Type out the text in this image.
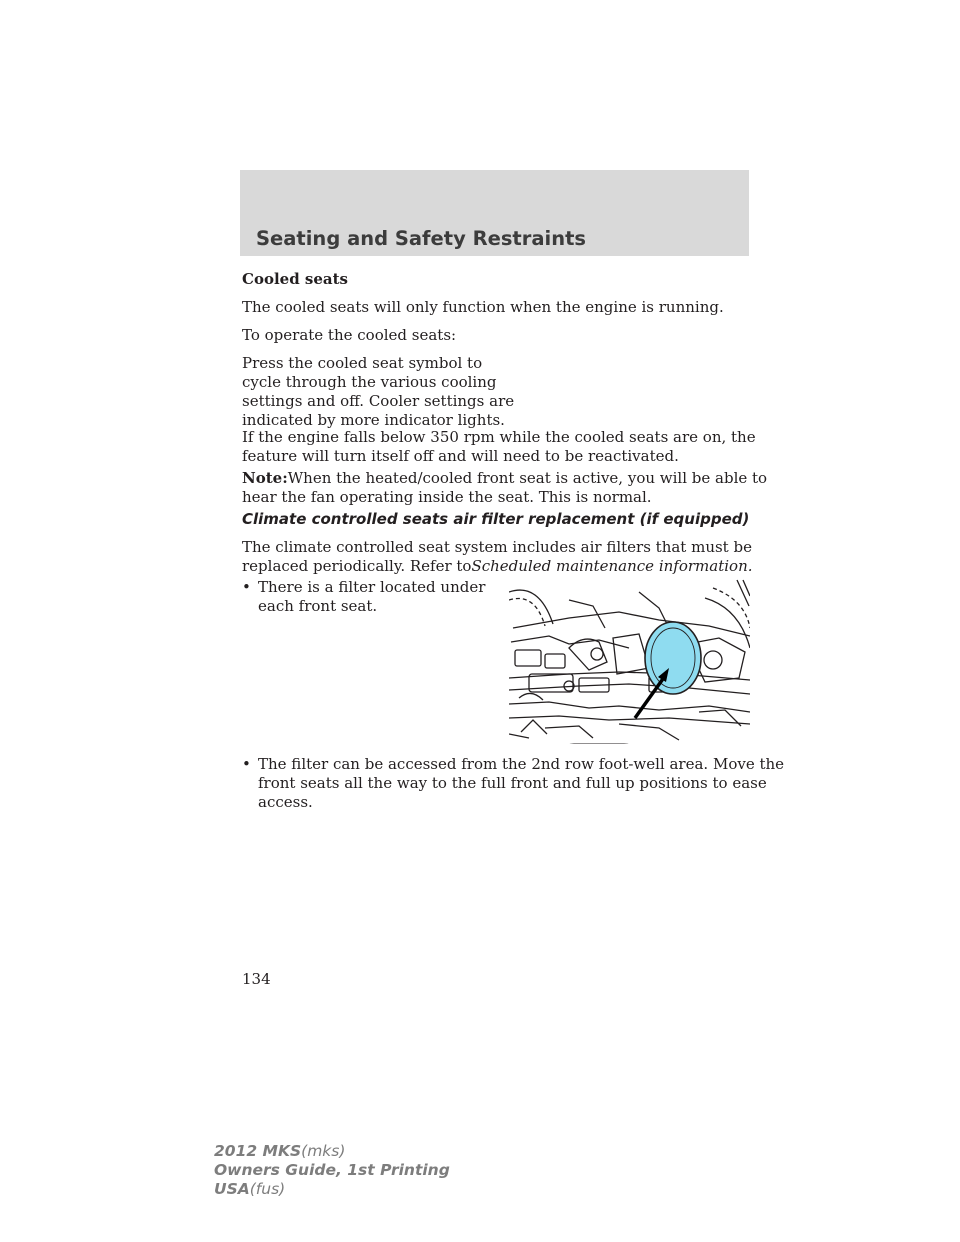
Seating and Safety Restraints
Cooled seats
The cooled seats will only function when the engine is running.
To operate the cooled seats:
Press the cooled seat symbol to
cycle through the various cooling
settings and off. Cooler settings are
indicated by more indicator lights.
If the engine falls below 350 rpm while the cooled seats are on, the
feature will turn itself off and will need to be reactivated.
Note:When the heated/cooled front seat is active, you will be able to
hear the fan operating inside the seat. This is normal.
Climate controlled seats air filter replacement (if equipped)
The climate controlled seat system includes air filters that must be
replaced periodically. Refer toScheduled maintenance information.
• There is a filter located under
each front seat.
• The filter can be accessed from the 2nd row foot-well area. Move the
front seats all the way to the full front and full up positions to ease
access.
134
2012 MKS(mks)
Owners Guide, 1st Printing
USA(fus)
